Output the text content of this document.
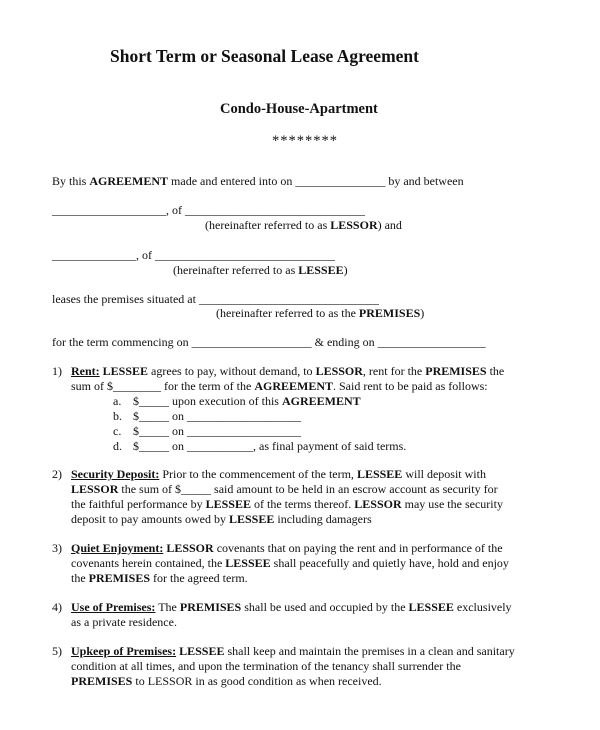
Short Term or Seasonal Lease Agreement
Condo-House-Apartment
********
By this AGREEMENT made and entered into on _______________ by and between
___________________, of ______________________________
(hereinafter referred to as LESSOR) and
______________, of ______________________________
(hereinafter referred to as LESSEE)
leases the premises situated at ______________________________
(hereinafter referred to as the PREMISES)
for the term commencing on ____________________ & ending on __________________
1) Rent: LESSEE agrees to pay, without demand, to LESSOR, rent for the PREMISES the
sum of $________ for the term of the AGREEMENT. Said rent to be paid as follows:
a. $_____ upon execution of this AGREEMENT
b. $_____ on ___________________
c. $_____ on ___________________
d. $_____ on ___________, as final payment of said terms.
2) Security Deposit: Prior to the commencement of the term, LESSEE will deposit with
LESSOR the sum of $_____ said amount to be held in an escrow account as security for
the faithful performance by LESSEE of the terms thereof. LESSOR may use the security
deposit to pay amounts owed by LESSEE including damagers
3) Quiet Enjoyment: LESSOR covenants that on paying the rent and in performance of the
covenants herein contained, the LESSEE shall peacefully and quietly have, hold and enjoy
the PREMISES for the agreed term.
4) Use of Premises: The PREMISES shall be used and occupied by the LESSEE exclusively
as a private residence.
5) Upkeep of Premises: LESSEE shall keep and maintain the premises in a clean and sanitary
condition at all times, and upon the termination of the tenancy shall surrender the
PREMISES to LESSOR in as good condition as when received.
